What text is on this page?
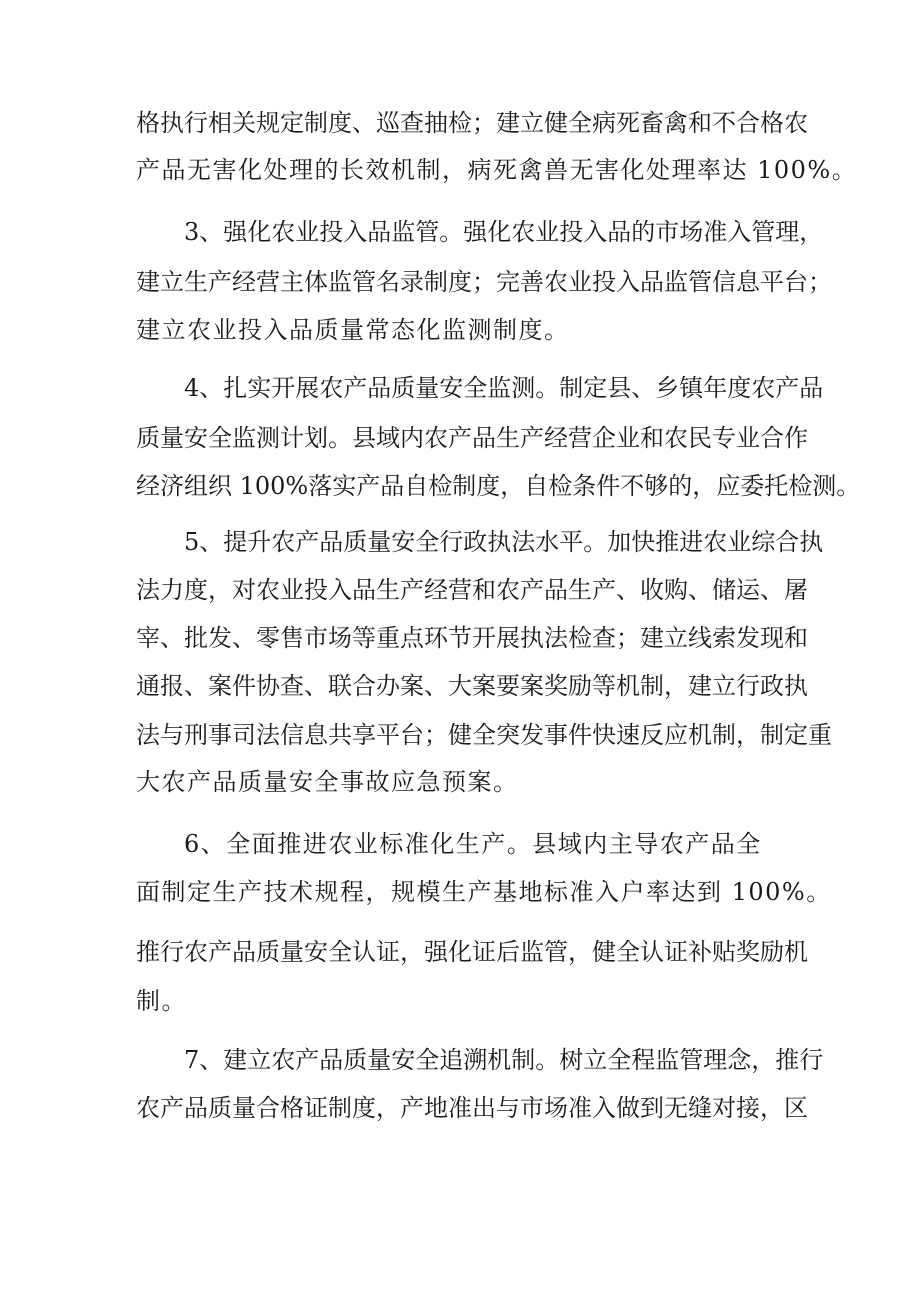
格执行相关规定制度、巡查抽检；建立健全病死畜禽和不合格农
产品无害化处理的长效机制，病死禽兽无害化处理率达 100%。
3、强化农业投入品监管。强化农业投入品的市场准入管理，
建立生产经营主体监管名录制度；完善农业投入品监管信息平台；
建立农业投入品质量常态化监测制度。
4、扎实开展农产品质量安全监测。制定县、乡镇年度农产品
质量安全监测计划。县域内农产品生产经营企业和农民专业合作
经济组织 100%落实产品自检制度，自检条件不够的，应委托检测。
5、提升农产品质量安全行政执法水平。加快推进农业综合执
法力度，对农业投入品生产经营和农产品生产、收购、储运、屠
宰、批发、零售市场等重点环节开展执法检查；建立线索发现和
通报、案件协查、联合办案、大案要案奖励等机制，建立行政执
法与刑事司法信息共享平台；健全突发事件快速反应机制，制定重
大农产品质量安全事故应急预案。
6、全面推进农业标准化生产。县域内主导农产品全
面制定生产技术规程，规模生产基地标准入户率达到 100%。
推行农产品质量安全认证，强化证后监管，健全认证补贴奖励机
制。
7、建立农产品质量安全追溯机制。树立全程监管理念，推行
农产品质量合格证制度，产地准出与市场准入做到无缝对接，区
